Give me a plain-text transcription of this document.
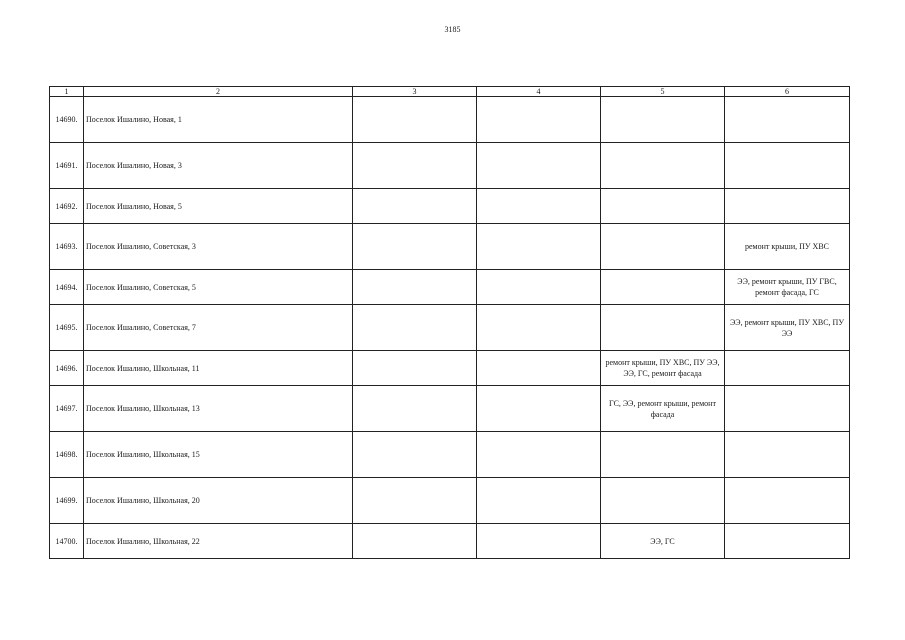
3185
1	2	3	4	5	6
14690.	Поселок Ишалино, Новая, 1				
14691.	Поселок Ишалино, Новая, 3				
14692.	Поселок Ишалино, Новая, 5				
14693.	Поселок Ишалино, Советская, 3				ремонт крыши, ПУ ХВС
14694.	Поселок Ишалино, Советская, 5				ЭЭ, ремонт крыши, ПУ ГВС, ремонт фасада, ГС
14695.	Поселок Ишалино, Советская, 7				ЭЭ, ремонт крыши, ПУ ХВС, ПУ ЭЭ
14696.	Поселок Ишалино, Школьная, 11			ремонт крыши, ПУ ХВС, ПУ ЭЭ, ЭЭ, ГС, ремонт фасада	
14697.	Поселок Ишалино, Школьная, 13			ГС, ЭЭ, ремонт крыши, ремонт фасада	
14698.	Поселок Ишалино, Школьная, 15				
14699.	Поселок Ишалино, Школьная, 20				
14700.	Поселок Ишалино, Школьная, 22			ЭЭ, ГС	
